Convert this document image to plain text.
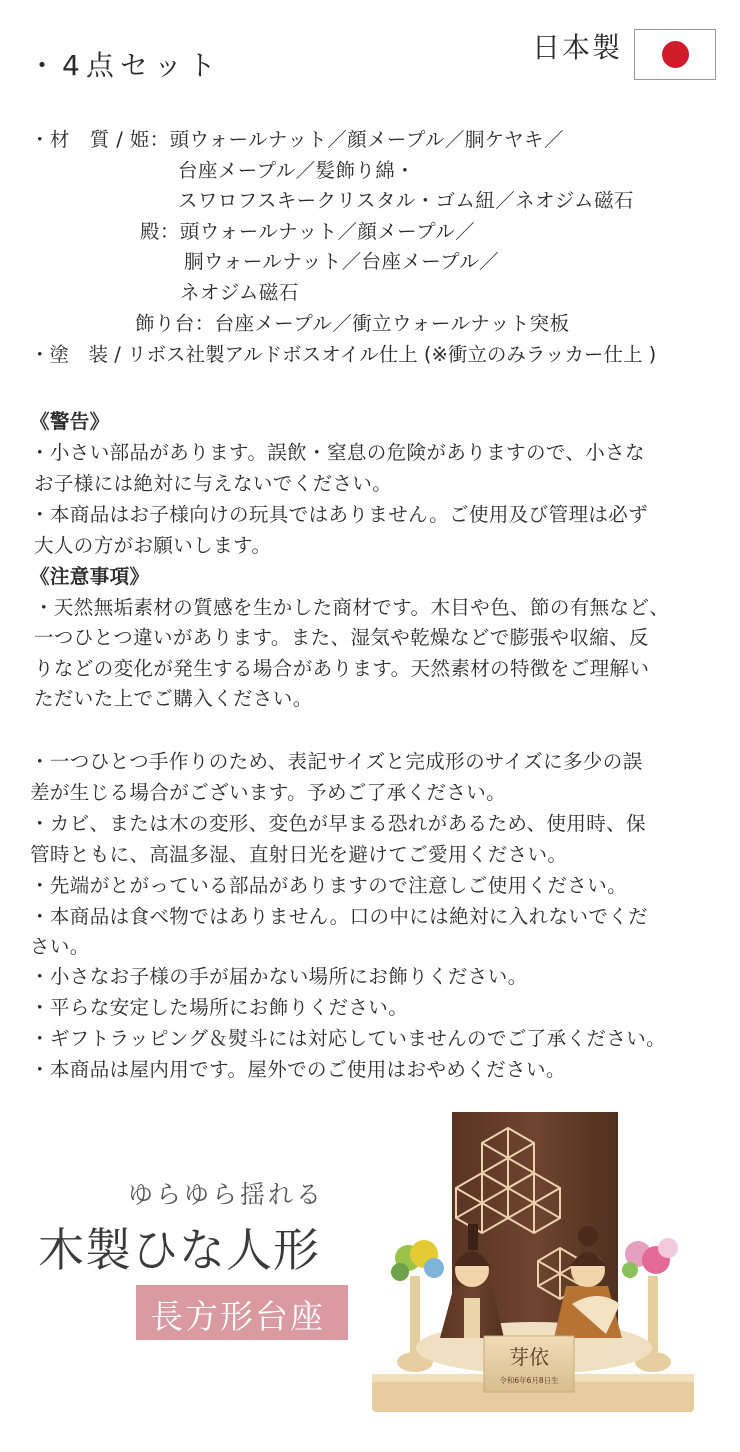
・4点セット
日本製
・材　質 / 姫：頭ウォールナット／顔メープル／胴ケヤキ／
台座メープル／髪飾り綿・
スワロフスキークリスタル・ゴム紐／ネオジム磁石
殿：頭ウォールナット／顔メープル／
胴ウォールナット／台座メープル／
ネオジム磁石
飾り台：台座メープル／衝立ウォールナット突板
・塗　装 / リボス社製アルドボスオイル仕上 (※衝立のみラッカー仕上 )
《警告》
・小さい部品があります。誤飲・窒息の危険がありますので、小さな
お子様には絶対に与えないでください。
・本商品はお子様向けの玩具ではありません。ご使用及び管理は必ず
大人の方がお願いします。
《注意事項》
・天然無垢素材の質感を生かした商材です。木目や色、節の有無など、
一つひとつ違いがあります。また、湿気や乾燥などで膨張や収縮、反
りなどの変化が発生する場合があります。天然素材の特徴をご理解い
ただいた上でご購入ください。
・一つひとつ手作りのため、表記サイズと完成形のサイズに多少の誤
差が生じる場合がございます。予めご了承ください。
・カビ、または木の変形、変色が早まる恐れがあるため、使用時、保
管時ともに、高温多湿、直射日光を避けてご愛用ください。
・先端がとがっている部品がありますので注意しご使用ください。
・本商品は食べ物ではありません。口の中には絶対に入れないでくだ
さい。
・小さなお子様の手が届かない場所にお飾りください。
・平らな安定した場所にお飾りください。
・ギフトラッピング＆熨斗には対応していませんのでご了承ください。
・本商品は屋内用です。屋外でのご使用はおやめください。
ゆらゆら揺れる
木製ひな人形
長方形台座
芽依
令和6年6月8日生
